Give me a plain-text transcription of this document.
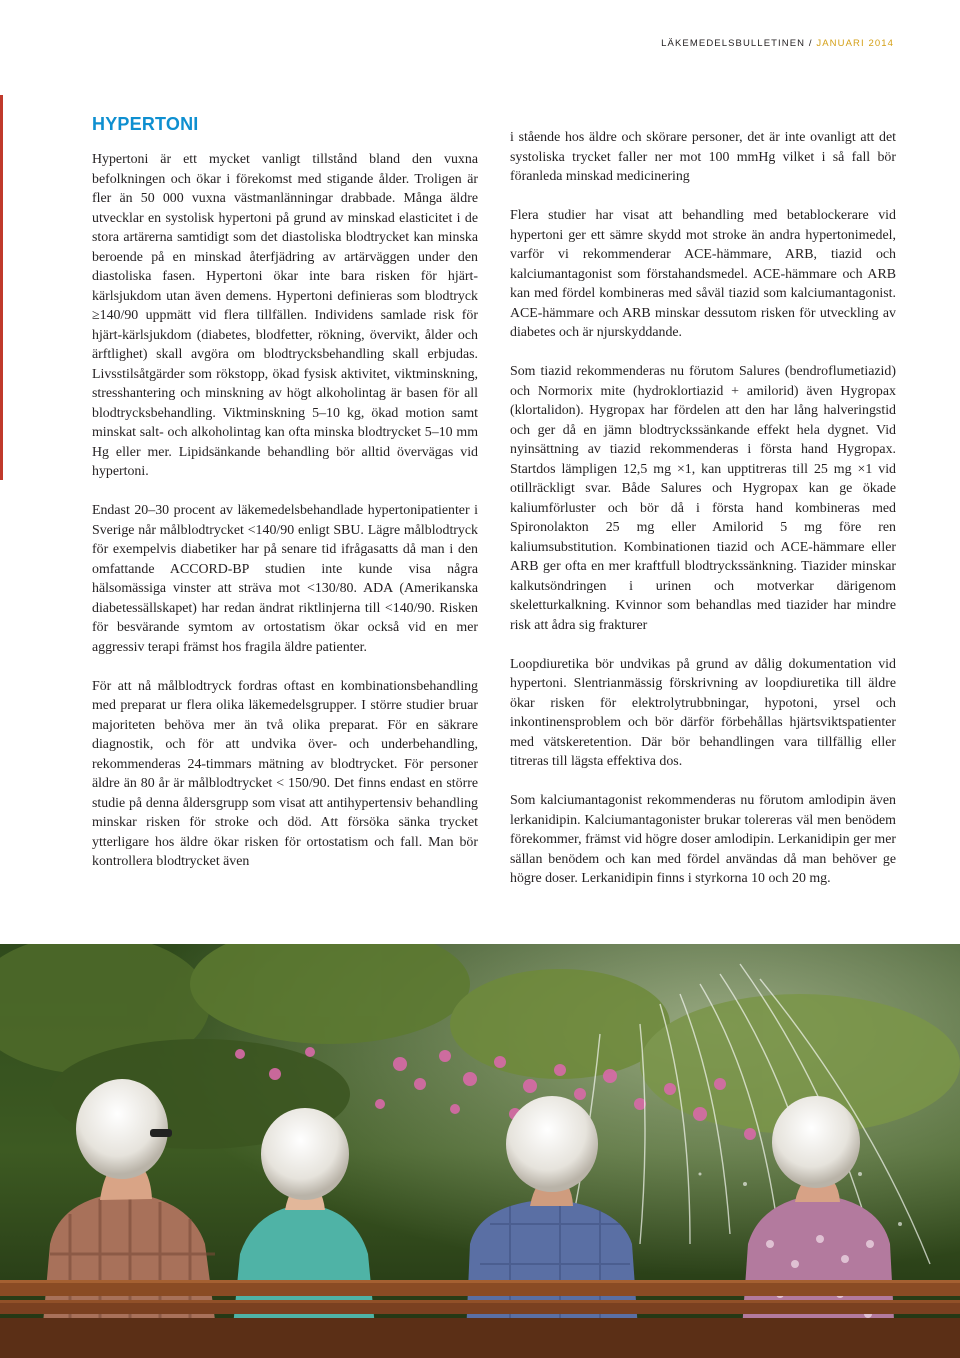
LÄKEMEDELSBULLETINEN / JANUARI 2014
HYPERTONI

Hypertoni är ett mycket vanligt tillstånd bland den vuxna befolkningen och ökar i förekomst med stigande ålder. Troligen är fler än 50 000 vuxna västmanlänningar drabbade. Många äldre utvecklar en systolisk hypertoni på grund av minskad elasticitet i de stora artärerna samtidigt som det diastoliska blodtrycket kan minska beroende på en minskad återfjädring av artärväggen under den diastoliska fasen. Hypertoni ökar inte bara risken för hjärt-kärlsjukdom utan även demens. Hypertoni definieras som blodtryck ≥140/90 uppmätt vid flera tillfällen. Individens samlade risk för hjärt-kärlsjukdom (diabetes, blodfetter, rökning, övervikt, ålder och ärftlighet) skall avgöra om blodtrycksbehandling skall erbjudas. Livsstilsåtgärder som rökstopp, ökad fysisk aktivitet, viktminskning, stresshantering och minskning av högt alkoholintag är basen för all blodtrycksbehandling. Viktminskning 5–10 kg, ökad motion samt minskat salt- och alkoholintag kan ofta minska blodtrycket 5–10 mm Hg eller mer. Lipidsänkande behandling bör alltid övervägas vid hypertoni.

Endast 20–30 procent av läkemedelsbehandlade hypertonipatienter i Sverige når målblodtrycket <140/90 enligt SBU. Lägre målblodtryck för exempelvis diabetiker har på senare tid ifrågasatts då man i den omfattande ACCORD-BP studien inte kunde visa några hälsomässiga vinster att sträva mot <130/80. ADA (Amerikanska diabetessällskapet) har redan ändrat riktlinjerna till <140/90. Risken för besvärande symtom av ortostatism ökar också vid en mer aggressiv terapi främst hos fragila äldre patienter.

För att nå målblodtryck fordras oftast en kombinationsbehandling med preparat ur flera olika läkemedelsgrupper. I större studier bruar majoriteten behöva mer än två olika preparat. För en säkrare diagnostik, och för att undvika över- och underbehandling, rekommenderas 24-timmars mätning av blodtrycket. För personer äldre än 80 år är målblodtrycket < 150/90. Det finns endast en större studie på denna åldersgrupp som visat att antihypertensiv behandling minskar risken för stroke och död. Att försöka sänka trycket ytterligare hos äldre ökar risken för ortostatism och fall. Man bör kontrollera blodtrycket även

i stående hos äldre och skörare personer, det är inte ovanligt att det systoliska trycket faller ner mot 100 mmHg vilket i så fall bör föranleda minskad medicinering

Flera studier har visat att behandling med betablockerare vid hypertoni ger ett sämre skydd mot stroke än andra hypertonimedel, varför vi rekommenderar ACE-hämmare, ARB, tiazid och kalciumantagonist som förstahandsmedel. ACE-hämmare och ARB kan med fördel kombineras med såväl tiazid som kalciumantagonist. ACE-hämmare och ARB minskar dessutom risken för utveckling av diabetes och är njurskyddande.

Som tiazid rekommenderas nu förutom Salures (bendroflumetiazid) och Normorix mite (hydroklortiazid + amilorid) även Hygropax (klortalidon). Hygropax har fördelen att den har lång halveringstid och ger då en jämn blodtryckssänkande effekt hela dygnet. Vid nyinsättning av tiazid rekommenderas i första hand Hygropax. Startdos lämpligen 12,5 mg ×1, kan upptitreras till 25 mg ×1 vid otillräckligt svar. Både Salures och Hygropax kan ge ökade kaliumförluster och bör då i första hand kombineras med Spironolakton 25 mg eller Amilorid 5 mg före ren kaliumsubstitution. Kombinationen tiazid och ACE-hämmare eller ARB ger ofta en mer kraftfull blodtryckssänkning. Tiazider minskar kalkutsöndringen i urinen och motverkar därigenom skeletturkalkning. Kvinnor som behandlas med tiazider har mindre risk att ådra sig frakturer

Loopdiuretika bör undvikas på grund av dålig dokumentation vid hypertoni. Slentrianmässig förskrivning av loopdiuretika till äldre ökar risken för elektrolytrubbningar, hypotoni, yrsel och inkontinensproblem och bör därför förbehållas hjärtsviktspatienter med vätskeretention. Där bör behandlingen vara tillfällig eller titreras till lägsta effektiva dos.

Som kalciumantagonist rekommenderas nu förutom amlodipin även lerkanidipin. Kalciumantagonister brukar tolereras väl men benödem förekommer, främst vid högre doser amlodipin. Lerkanidipin ger mer sällan benödem och kan med fördel användas då man behöver ge högre doser. Lerkanidipin finns i styrkorna 10 och 20 mg.
